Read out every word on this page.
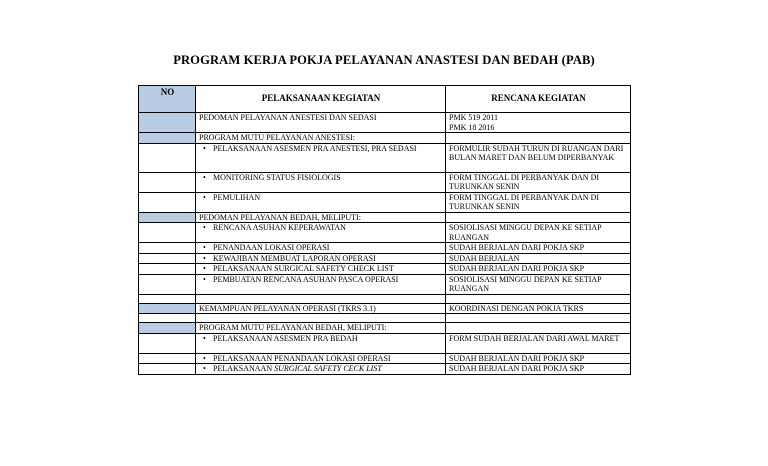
PROGRAM KERJA POKJA PELAYANAN ANASTESI DAN BEDAH (PAB)
NO	PELAKSANAAN KEGIATAN	RENCANA KEGIATAN
	PEDOMAN PELAYANAN ANESTESI DAN SEDASI	PMK 519 2011
PMK 18 2016
	PROGRAM MUTU PELAYANAN ANESTESI:	

	• PELAKSANAAN ASESMEN PRA ANESTESI, PRA SEDASI	FORMULIR SUDAH TURUN DI RUANGAN DARI BULAN MARET DAN BELUM DIPERBANYAK

	• MONITORING STATUS FISIOLOGIS	FORM TINGGAL DI PERBANYAK DAN DI TURUNKAN SENIN

	• PEMULIHAN	FORM TINGGAL DI PERBANYAK DAN DI TURUNKAN SENIN
	PEDOMAN PELAYANAN BEDAH, MELIPUTI:	

	• RENCANA ASUHAN KEPERAWATAN	SOSIOLISASI MINGGU DEPAN KE SETIAP RUANGAN

	• PENANDAAN LOKASI OPERASI	SUDAH BERJALAN DARI POKJA SKP

	• KEWAJIBAN MEMBUAT LAPORAN OPERASI	SUDAH BERJALAN

	• PELAKSANAAN SURGICAL SAFETY CHECK LIST	SUDAH BERJALAN DARI POKJA SKP

	• PEMBUATAN RENCANA ASUHAN PASCA OPERASI	SOSIOLISASI MINGGU DEPAN KE SETIAP RUANGAN

	KEMAMPUAN PELAYANAN OPERASI (TKRS 3.1)	KOORDINASI DENGAN POKJA TKRS

	PROGRAM MUTU PELAYANAN BEDAH, MELIPUTI:	

	• PELAKSANAAN ASESMEN PRA BEDAH	FORM SUDAH BERJALAN DARI AWAL MARET

	• PELAKSANAAN PENANDAAN LOKASI OPERASI	SUDAH BERJALAN DARI POKJA SKP

	• PELAKSANAAN SURGICAL SAFETY CECK LIST	SUDAH BERJALAN DARI POKJA SKP
